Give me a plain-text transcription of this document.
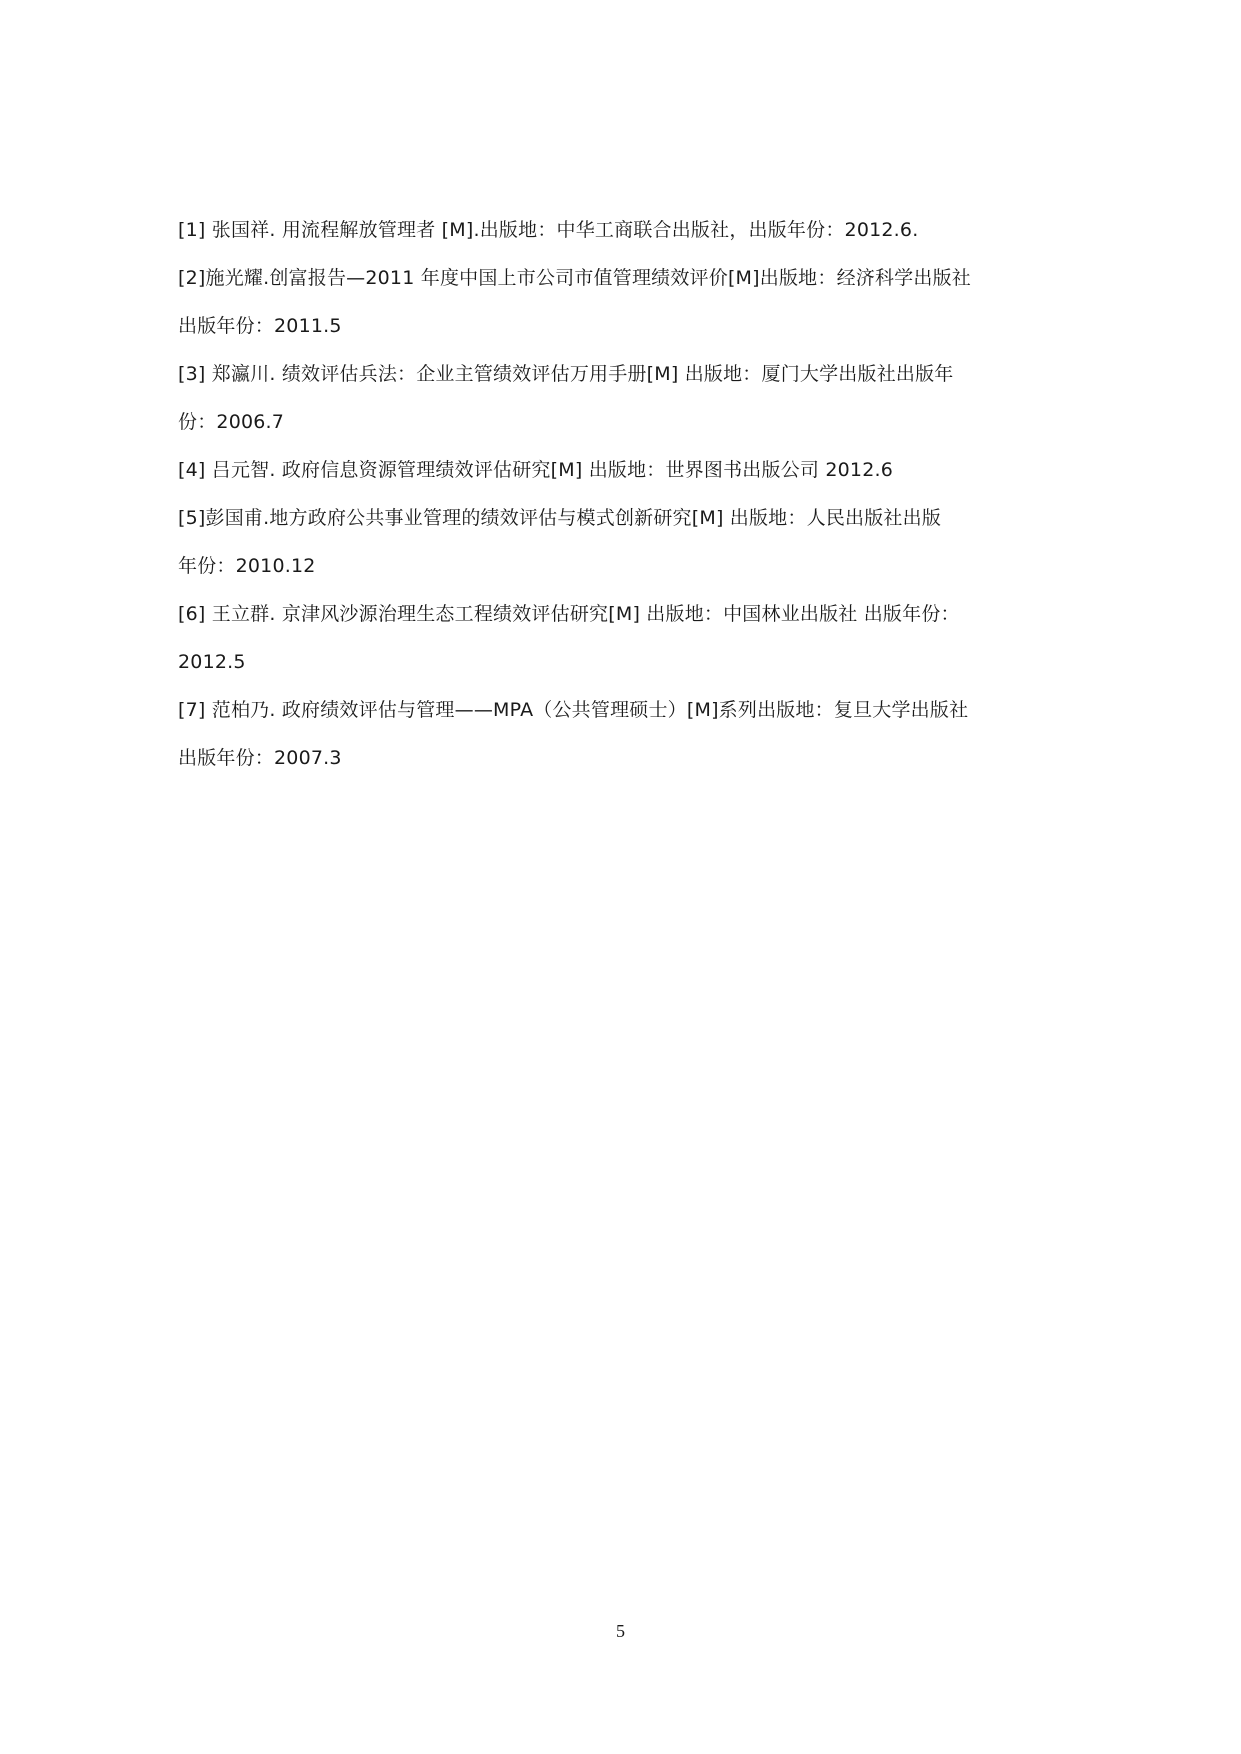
[1] 张国祥. 用流程解放管理者 [M].出版地：中华工商联合出版社，出版年份：2012.6.
[2]施光耀.创富报告—2011 年度中国上市公司市值管理绩效评价[M]出版地：经济科学出版社
出版年份：2011.5
[3] 郑瀛川. 绩效评估兵法：企业主管绩效评估万用手册[M] 出版地：厦门大学出版社出版年
份：2006.7
[4] 吕元智. 政府信息资源管理绩效评估研究[M] 出版地：世界图书出版公司 2012.6
[5]彭国甫.地方政府公共事业管理的绩效评估与模式创新研究[M] 出版地：人民出版社出版
年份：2010.12
[6] 王立群. 京津风沙源治理生态工程绩效评估研究[M] 出版地：中国林业出版社 出版年份：
2012.5
[7] 范柏乃. 政府绩效评估与管理——MPA（公共管理硕士）[M]系列出版地：复旦大学出版社
出版年份：2007.3
5
